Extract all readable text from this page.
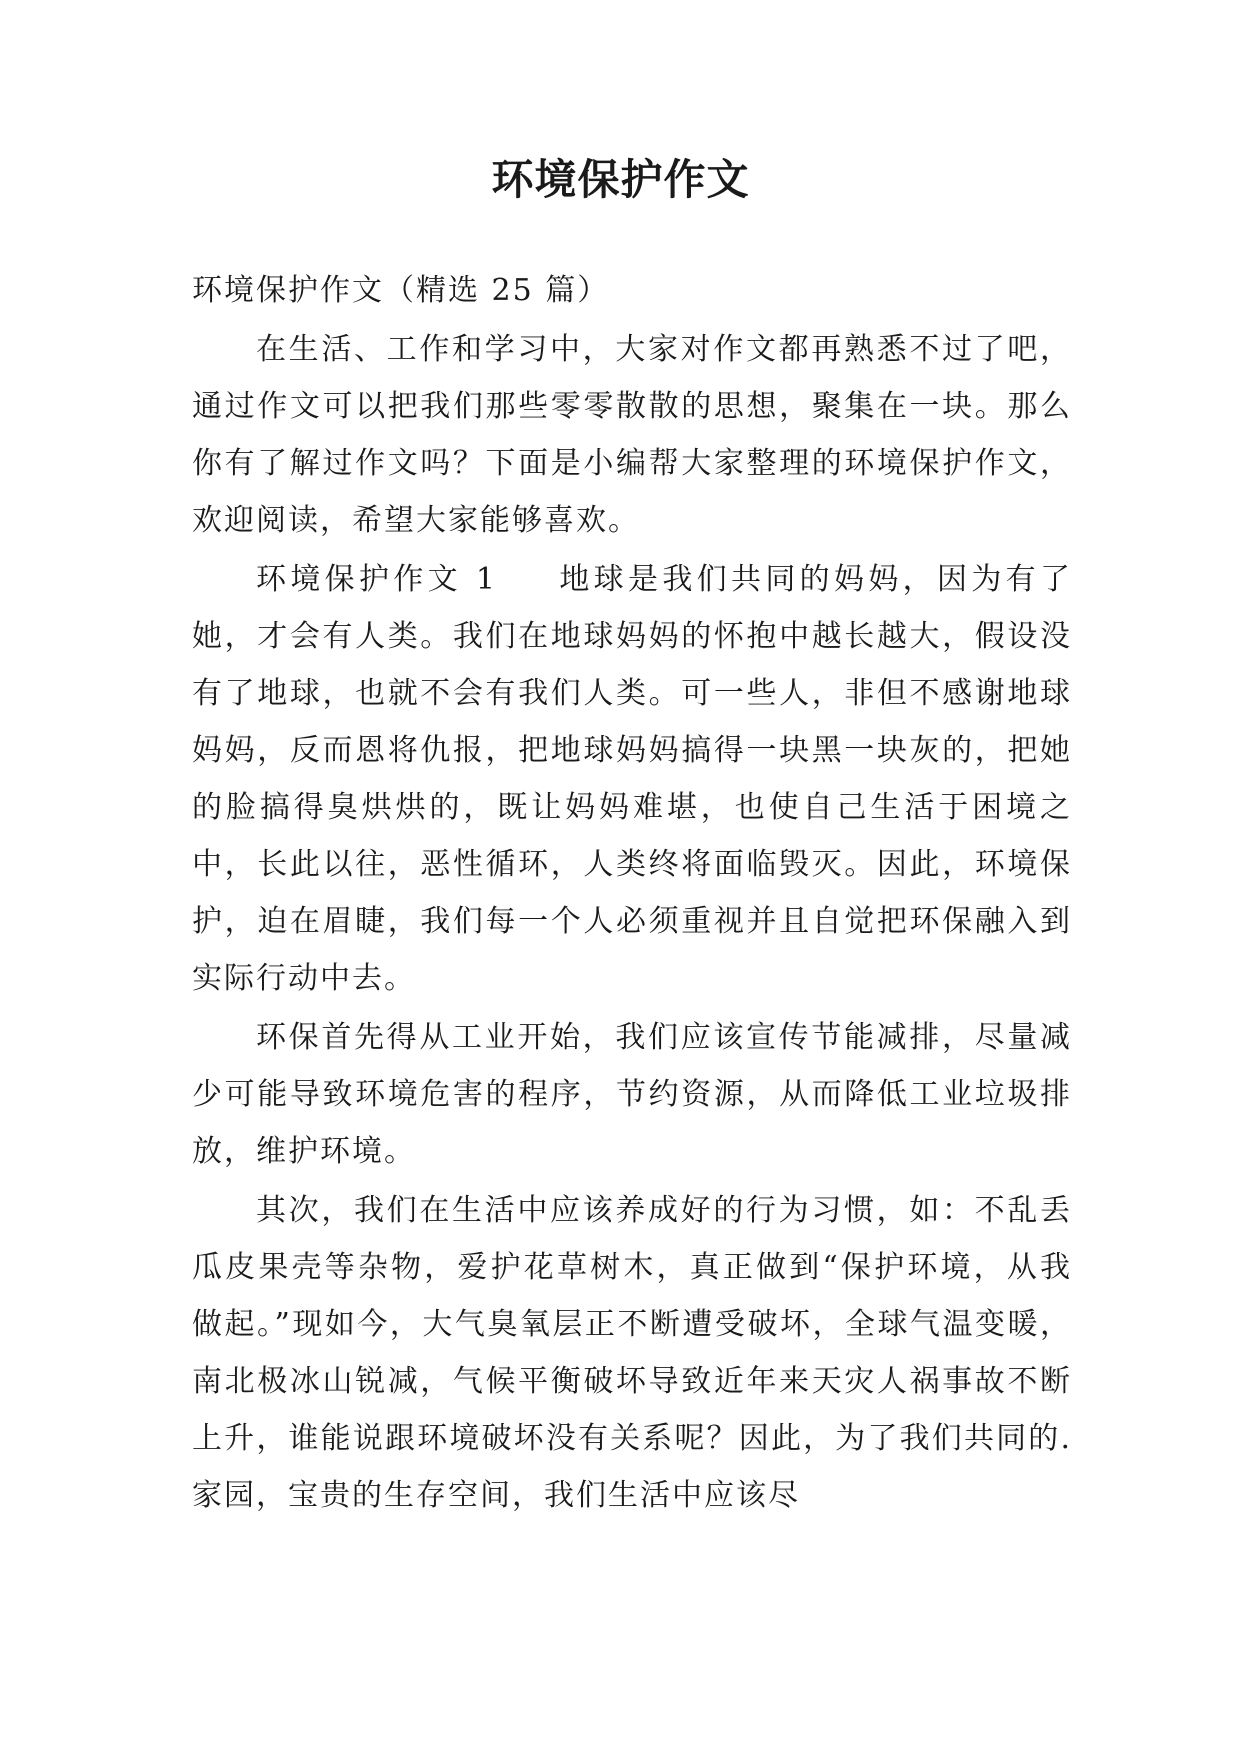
环境保护作文

环境保护作文（精选 25 篇）

在生活、工作和学习中，大家对作文都再熟悉不过了吧，通过作文可以把我们那些零零散散的思想，聚集在一块。那么你有了解过作文吗？下面是小编帮大家整理的环境保护作文，欢迎阅读，希望大家能够喜欢。

环境保护作文 1 地球是我们共同的妈妈，因为有了她，才会有人类。我们在地球妈妈的怀抱中越长越大，假设没有了地球，也就不会有我们人类。可一些人，非但不感谢地球妈妈，反而恩将仇报，把地球妈妈搞得一块黑一块灰的，把她的脸搞得臭烘烘的，既让妈妈难堪，也使自己生活于困境之中，长此以往，恶性循环，人类终将面临毁灭。因此，环境保护，迫在眉睫，我们每一个人必须重视并且自觉把环保融入到实际行动中去。

环保首先得从工业开始，我们应该宣传节能减排，尽量减少可能导致环境危害的程序，节约资源，从而降低工业垃圾排放，维护环境。

其次，我们在生活中应该养成好的行为习惯，如：不乱丢瓜皮果壳等杂物，爱护花草树木，真正做到“保护环境，从我做起。”现如今，大气臭氧层正不断遭受破坏，全球气温变暖，南北极冰山锐减，气候平衡破坏导致近年来天灾人祸事故不断上升，谁能说跟环境破坏没有关系呢？因此，为了我们共同的.家园，宝贵的生存空间，我们生活中应该尽
